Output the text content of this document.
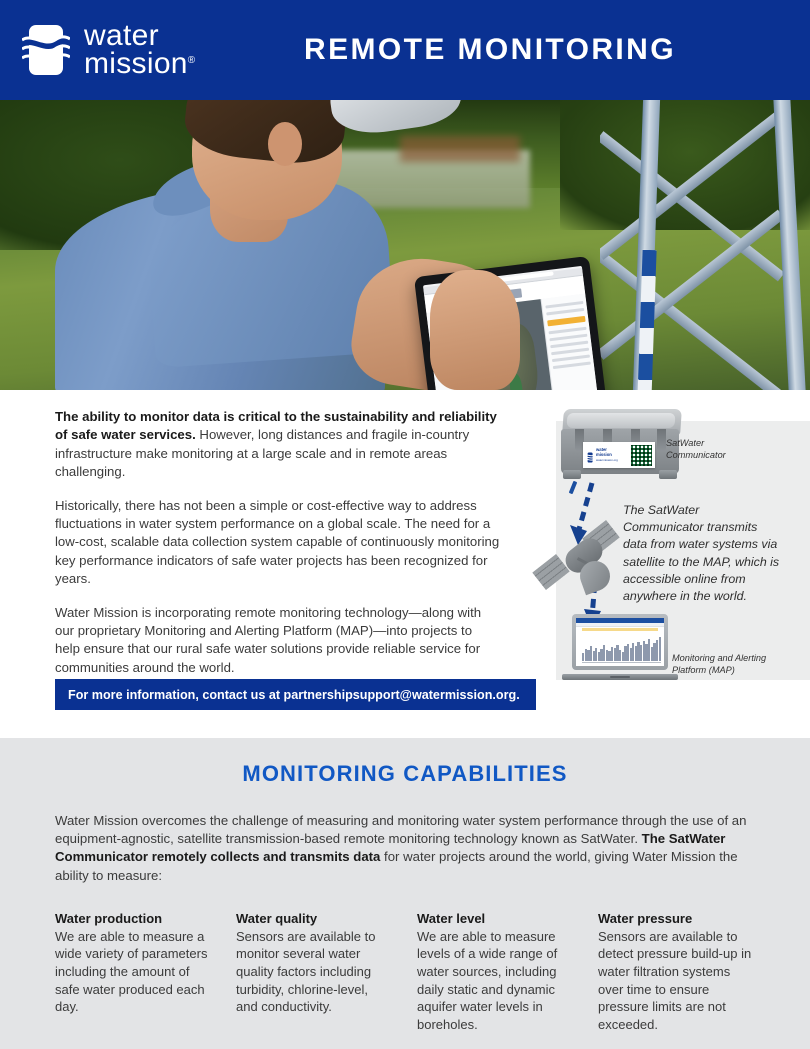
water
mission®	REMOTE MONITORING

The ability to monitor data is critical to the sustainability and reliability of safe water services. However, long distances and fragile in-country infrastructure make monitoring at a large scale and in remote areas challenging.

Historically, there has not been a simple or cost-effective way to address fluctuations in water system performance on a global scale. The need for a low-cost, scalable data collection system capable of continuously monitoring key performance indicators of safe water projects has been recognized for years.

Water Mission is incorporating remote monitoring technology—along with our proprietary Monitoring and Alerting Platform (MAP)—into projects to help ensure that our rural safe water solutions provide reliable service for communities around the world.

For more information, contact us at partnershipsupport@watermission.org.
water
mission
watermission.org
SatWater
Communicator
The SatWater Communicator transmits data from water systems via satellite to the MAP, which is accessible online from anywhere in the world.
Monitoring and Alerting
Platform (MAP)
MONITORING CAPABILITIES
Water Mission overcomes the challenge of measuring and monitoring water system performance through the use of an equipment-agnostic, satellite transmission-based remote monitoring technology known as SatWater. The SatWater Communicator remotely collects and transmits data for water projects around the world, giving Water Mission the ability to measure:
Water production
We are able to measure a wide variety of parameters including the amount of safe water produced each day.
Water quality
Sensors are available to monitor several water quality factors including turbidity, chlorine-level, and conductivity.
Water level
We are able to measure levels of a wide range of water sources, including daily static and dynamic aquifer water levels in boreholes.
Water pressure
Sensors are available to detect pressure build-up in water filtration systems over time to ensure pressure limits are not exceeded.
